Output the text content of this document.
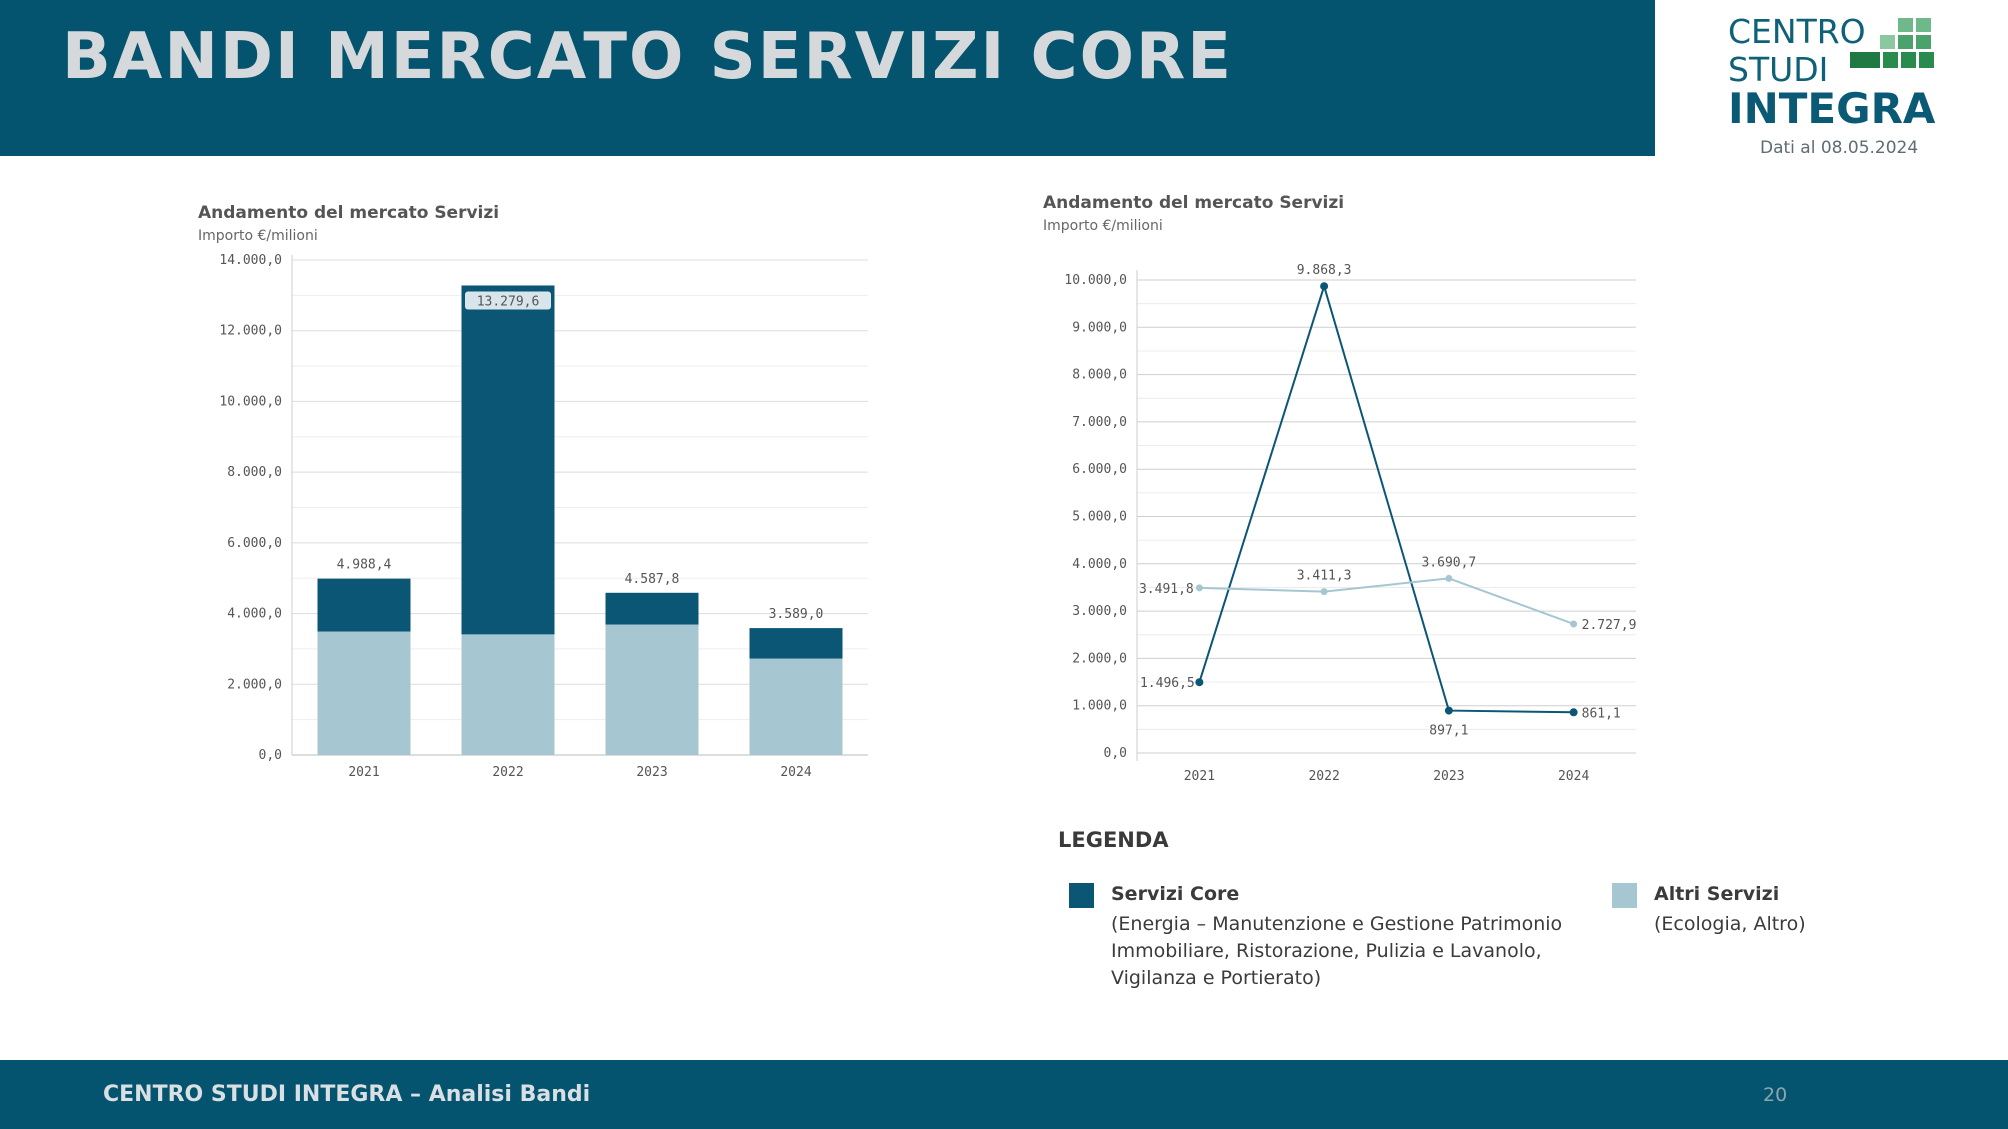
BANDI MERCATO SERVIZI CORE	CENTRO
STUDI
INTEGRA
Dati al 08.05.2024
Andamento del mercato Servizi
Importo €/milioni
4.988,4
13.279,6
4.587,8
3.589,0
0,0
2.000,0
4.000,0
6.000,0
8.000,0
10.000,0
12.000,0
14.000,0
2021	2022	2023	2024
Andamento del mercato Servizi
Importo €/milioni
1.496,5
9.868,3
897,1
861,1
3.491,8
3.411,3
3.690,7
2.727,9
0,0
1.000,0
2.000,0
3.000,0
4.000,0
5.000,0
6.000,0
7.000,0
8.000,0
9.000,0
10.000,0
2021	2022	2023	2024
LEGENDA
Servizi Core
(Energia – Manutenzione e Gestione Patrimonio
Immobiliare, Ristorazione, Pulizia e Lavanolo,
Vigilanza e Portierato)
Altri Servizi
(Ecologia, Altro)
CENTRO STUDI INTEGRA – Analisi Bandi	20
